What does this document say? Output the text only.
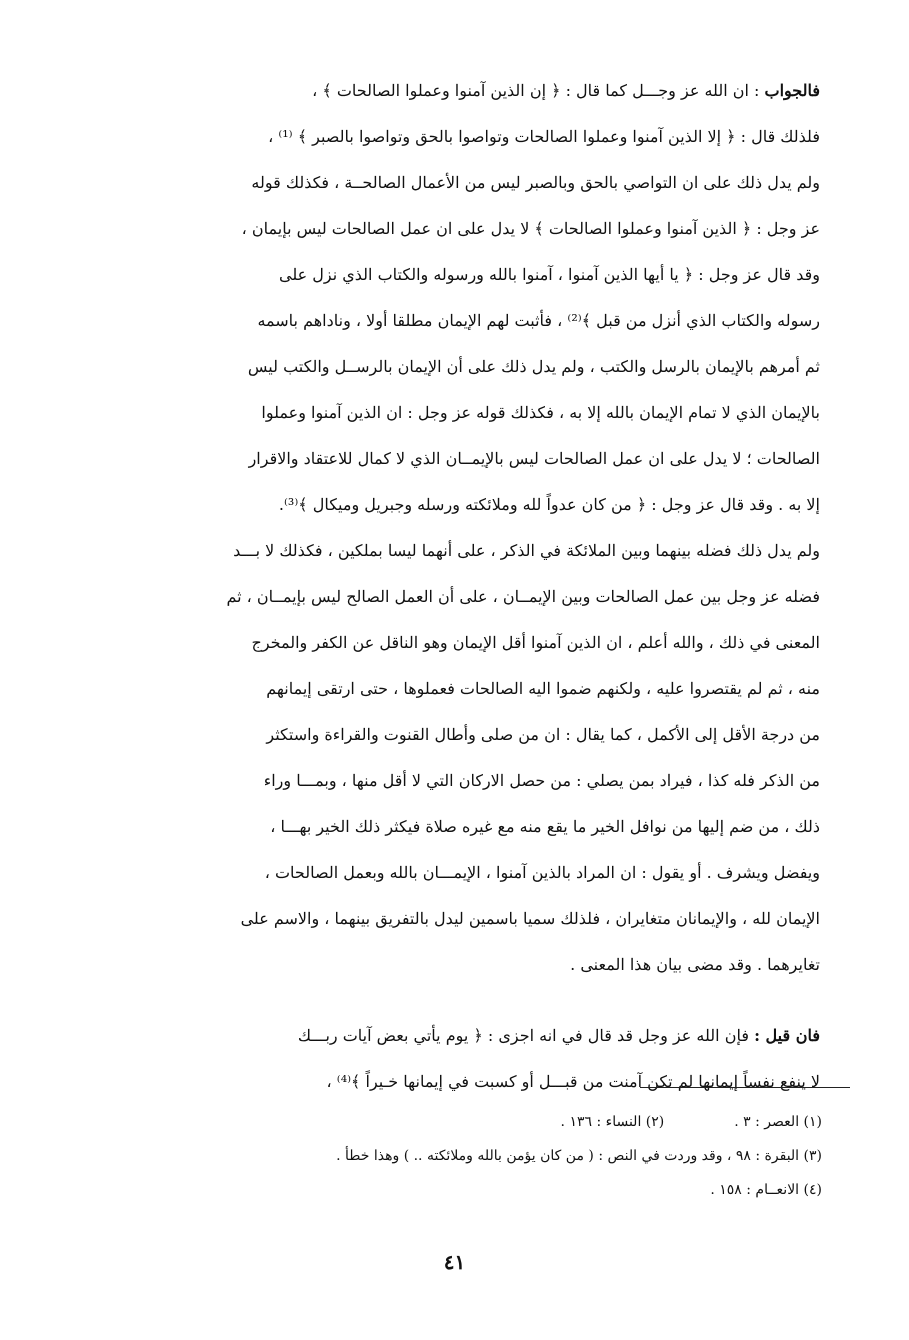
فالجواب : ان الله عز وجـــل كما قال : ﴿ إن الذين آمنوا وعملوا الصالحات ﴾ ،
فلذلك قال : ﴿ إلا الذين آمنوا وعملوا الصالحات وتواصوا بالحق وتواصوا بالصبر ﴾ ⁽¹⁾ ،
ولم يدل ذلك على ان التواصي بالحق وبالصبر ليس من الأعمال الصالحــة ، فكذلك قوله
عز وجل : ﴿ الذين آمنوا وعملوا الصالحات ﴾ لا يدل على ان عمل الصالحات ليس بإيمان ،
وقد قال عز وجل : ﴿ يا أيها الذين آمنوا ، آمنوا بالله ورسوله والكتاب الذي نزل على
رسوله والكتاب الذي أنزل من قبل ﴾⁽²⁾ ، فأثبت لهم الإيمان مطلقا أولا ، وناداهم باسمه
ثم أمرهم بالإيمان بالرسل والكتب ، ولم يدل ذلك على أن الإيمان بالرســل والكتب ليس
بالإيمان الذي لا تمام الإيمان بالله إلا به ، فكذلك قوله عز وجل : ان الذين آمنوا وعملوا
الصالحات ؛ لا يدل على ان عمل الصالحات ليس بالإيمــان الذي لا كمال للاعتقاد والاقرار
إلا به . وقد قال عز وجل : ﴿ من كان عدواً لله وملائكته ورسله وجبريل وميكال ﴾⁽³⁾.
ولم يدل ذلك فضله بينهما وبين الملائكة في الذكر ، على أنهما ليسا بملكين ، فكذلك لا بـــد
فضله عز وجل بين عمل الصالحات وبين الإيمــان ، على أن العمل الصالح ليس بإيمــان ، ثم
المعنى في ذلك ، والله أعلم ، ان الذين آمنوا أقل الإيمان وهو الناقل عن الكفر والمخرج
منه ، ثم لم يقتصروا عليه ، ولكنهم ضموا اليه الصالحات فعملوها ، حتى ارتقى إيمانهم
من درجة الأقل إلى الأكمل ، كما يقال : ان من صلى وأطال القنوت والقراءة واستكثر
من الذكر فله كذا ، فيراد بمن يصلي : من حصل الاركان التي لا أقل منها ، وبمـــا وراء
ذلك ، من ضم إليها من نوافل الخير ما يقع منه مع غيره صلاة فيكثر ذلك الخير بهـــا ،
ويفضل ويشرف . أو يقول : ان المراد بالذين آمنوا ، الإيمـــان بالله وبعمل الصالحات ،
الإيمان لله ، والإيمانان متغايران ، فلذلك سميا باسمين ليدل بالتفريق بينهما ، والاسم على
تغايرهما . وقد مضى بيان هذا المعنى .
فان قيل : فإن الله عز وجل قد قال في انه اجزى : ﴿ يوم يأتي بعض آيات ربـــك
لا ينفع نفساً إيمانها لم تكن آمنت من قبـــل أو كسبت في إيمانها خـيراً ﴾⁽⁴⁾ ،
(١) العصر : ٣ .(٢) النساء : ١٣٦ .
(٣) البقرة : ٩٨ ، وقد وردت في النص : ( من كان يؤمن بالله وملائكته .. ) وهذا خطأ .
(٤) الانعــام : ١٥٨ .
٤١
